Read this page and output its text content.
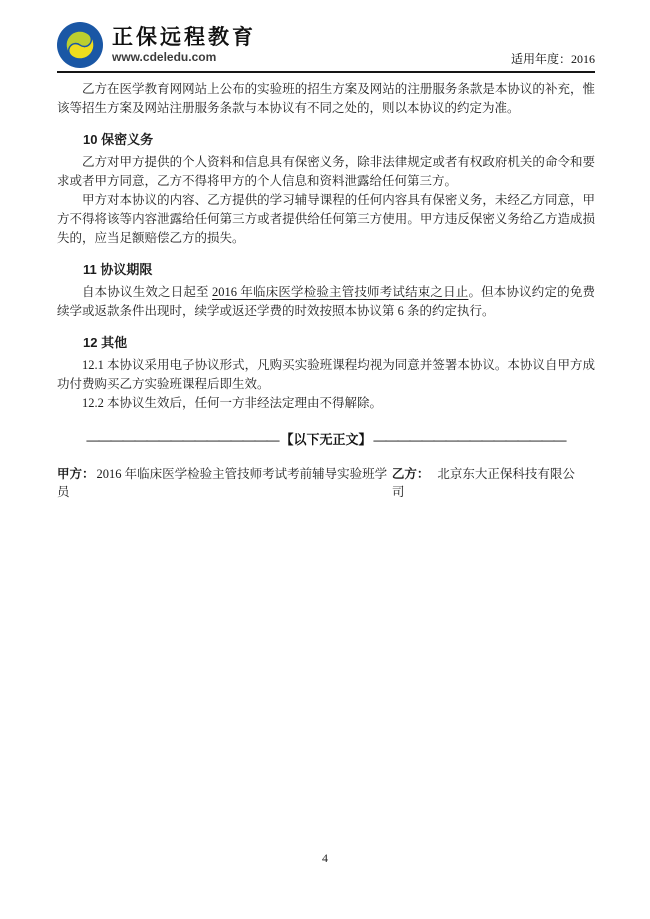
正保远程教育
www.cdeledu.com	适用年度：2016

乙方在医学教育网网站上公布的实验班的招生方案及网站的注册服务条款是本协议的补充，惟该等招生方案及网站注册服务条款与本协议有不同之处的，则以本协议的约定为准。

10 保密义务

乙方对甲方提供的个人资料和信息具有保密义务，除非法律规定或者有权政府机关的命令和要求或者甲方同意，乙方不得将甲方的个人信息和资料泄露给任何第三方。

甲方对本协议的内容、乙方提供的学习辅导课程的任何内容具有保密义务，未经乙方同意，甲方不得将该等内容泄露给任何第三方或者提供给任何第三方使用。甲方违反保密义务给乙方造成损失的，应当足额赔偿乙方的损失。

11 协议期限

自本协议生效之日起至 2016 年临床医学检验主管技师考试结束之日止。但本协议约定的免费续学或返款条件出现时，续学或返还学费的时效按照本协议第 6 条的约定执行。

12 其他

12.1 本协议采用电子协议形式，凡购买实验班课程均视为同意并签署本协议。本协议自甲方成功付费购买乙方实验班课程后即生效。

12.2 本协议生效后，任何一方非经法定理由不得解除。

———————————————— 【以下无正文】 ————————————————
甲方： 2016 年临床医学检验主管技师考试考前辅导实验班学员
乙方： 北京东大正保科技有限公司
4
